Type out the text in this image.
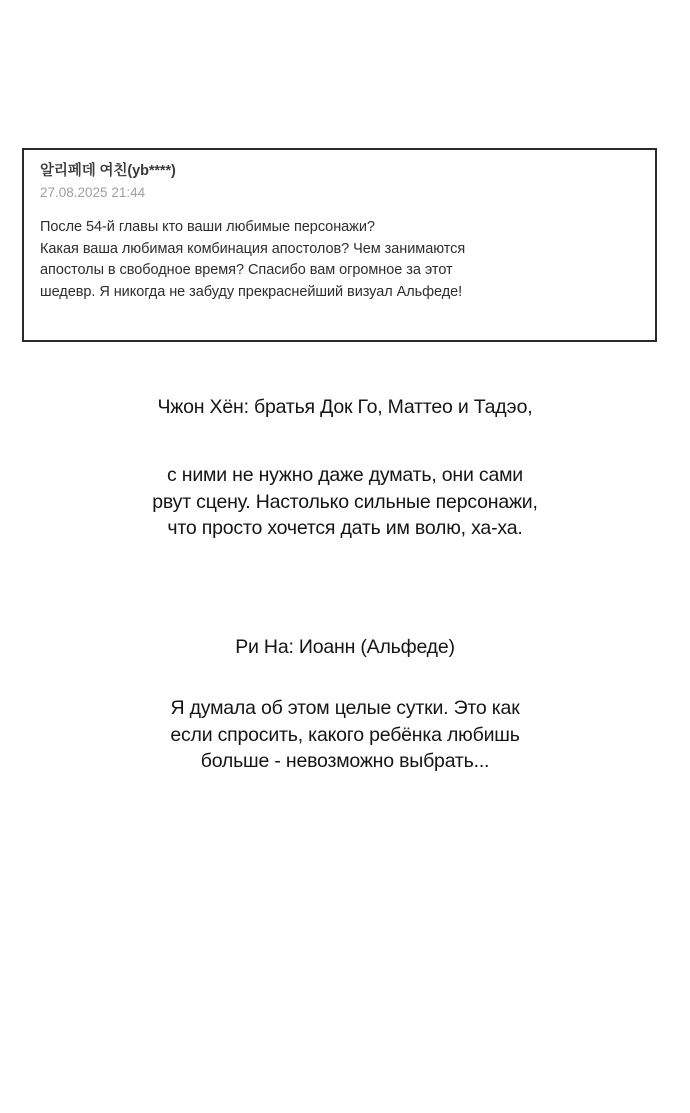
알리페데 여친(yb****)
27.08.2025 21:44
После 54-й главы кто ваши любимые персонажи?
Какая ваша любимая комбинация апостолов? Чем занимаются
апостолы в свободное время? Спасибо вам огромное за этот
шедевр. Я никогда не забуду прекраснейший визуал Альфеде!
Чжон Хён: братья Док Го, Маттео и Тадэо,
с ними не нужно даже думать, они сами
рвут сцену. Настолько сильные персонажи,
что просто хочется дать им волю, ха-ха.
Ри На: Иоанн (Альфеде)
Я думала об этом целые сутки. Это как
если спросить, какого ребёнка любишь
больше - невозможно выбрать...
